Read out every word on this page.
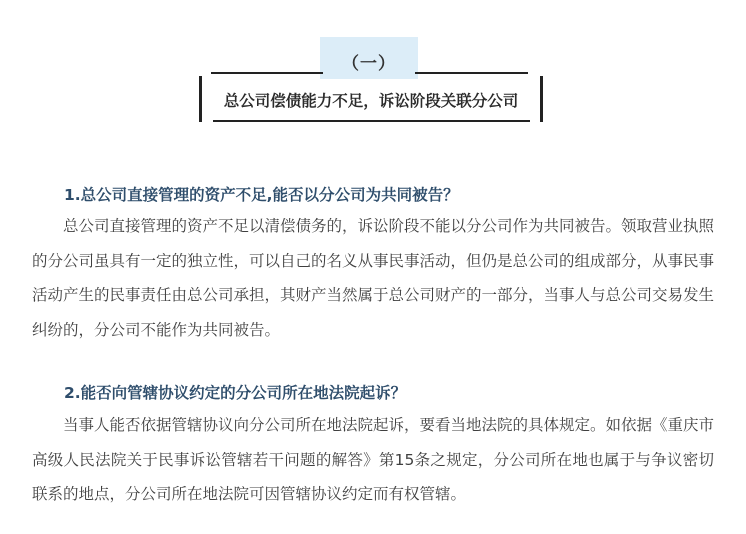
（一）
总公司偿债能力不足，诉讼阶段关联分公司
1.总公司直接管理的资产不足,能否以分公司为共同被告？

总公司直接管理的资产不足以清偿债务的，诉讼阶段不能以分公司作为共同被告。领取营业执照的分公司虽具有一定的独立性，可以自己的名义从事民事活动，但仍是总公司的组成部分，从事民事活动产生的民事责任由总公司承担，其财产当然属于总公司财产的一部分，当事人与总公司交易发生纠纷的，分公司不能作为共同被告。

2.能否向管辖协议约定的分公司所在地法院起诉？

当事人能否依据管辖协议向分公司所在地法院起诉，要看当地法院的具体规定。如依据《重庆市高级人民法院关于民事诉讼管辖若干问题的解答》第15条之规定，分公司所在地也属于与争议密切联系的地点，分公司所在地法院可因管辖协议约定而有权管辖。
